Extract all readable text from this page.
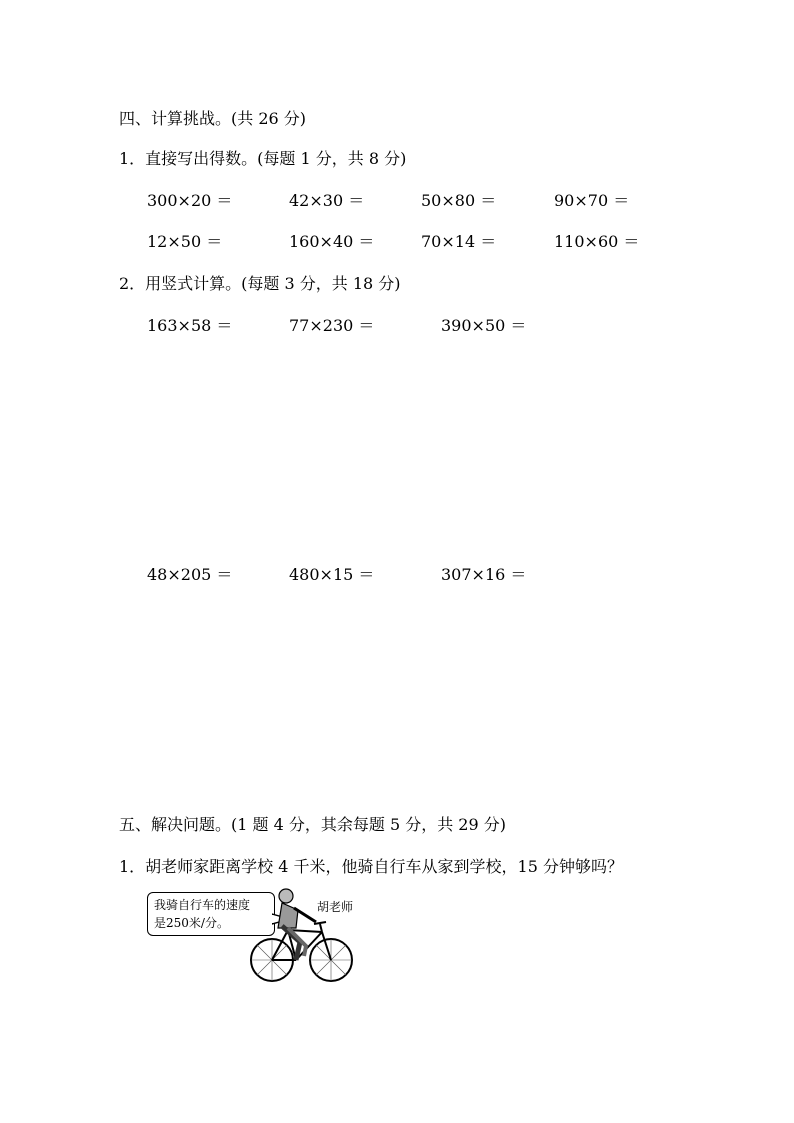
四、计算挑战。(共 26 分)
1．直接写出得数。(每题 1 分，共 8 分)
300×20 ＝	42×30 ＝	50×80 ＝	90×70 ＝
12×50 ＝	160×40 ＝	70×14 ＝	110×60 ＝
2．用竖式计算。(每题 3 分，共 18 分)
163×58 ＝	77×230 ＝	390×50 ＝
48×205 ＝	480×15 ＝	307×16 ＝
五、解决问题。(1 题 4 分，其余每题 5 分，共 29 分)
1．胡老师家距离学校 4 千米，他骑自行车从家到学校，15 分钟够吗？
我骑自行车的速度
是250米/分。
胡老师
